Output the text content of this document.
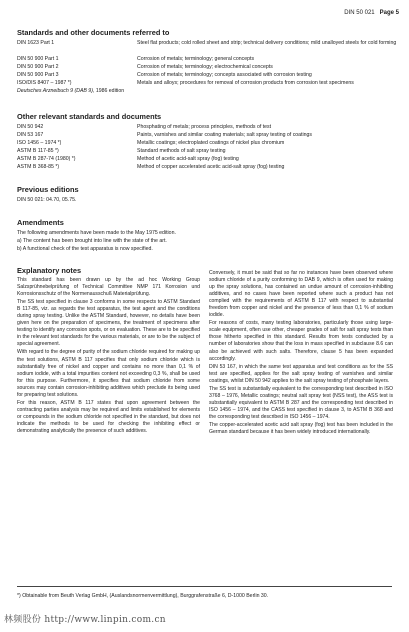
DIN 50 021 Page 5
Standards and other documents referred to
DIN 1623 Part 1	Steel flat products; cold rolled sheet and strip; technical delivery conditions; mild unalloyed steels for cold forming
DIN 50 900 Part 1	Corrosion of metals; terminology; general concepts
DIN 50 900 Part 2	Corrosion of metals; terminology; electrochemical concepts
DIN 50 900 Part 3	Corrosion of metals; terminology; concepts associated with corrosion testing
ISO/DIS 8407 – 1987 *)	Metals and alloys; procedures for removal of corrosion products from corrosion test specimens
Deutsches Arzneibuch 9 (DAB 9), 1986 edition
Other relevant standards and documents
DIN 50 942	Phosphating of metals; process principles, methods of test
DIN 53 167	Paints, varnishes and similar coating materials; salt spray testing of coatings
ISO 1456 – 1974 *)	Metallic coatings; electroplated coatings of nickel plus chromium
ASTM B 117-85 *)	Standard methods of salt spray testing
ASTM B 287-74 (1980) *)	Method of acetic acid-salt spray (fog) testing
ASTM B 368-85 *)	Method of copper accelerated acetic acid-salt spray (fog) testing
Previous editions
DIN 50 021: 04.70, 05.75.
Amendments
The following amendments have been made to the May 1975 edition.
a) The content has been brought into line with the state of the art.
b) A functional check of the test apparatus is now specified.
Explanatory notes

This standard has been drawn up by the ad hoc Working Group Salzsprühnebelprüfung of Technical Committee NMP 171 Korrosion und Korrosionsschutz of the Normenausschuß Materialprüfung.

The SS test specified in clause 3 conforms in some respects to ASTM Standard B 117-85, viz. as regards the test apparatus, the test agent and the conditions during spray testing. Unlike the ASTM Standard, however, no details have been given here on the preparation of specimens, the treatment of specimens after testing to identify any corrosion spots, or on evaluation. These are to be specified in the relevant test standards for the various materials, or are to be the subject of special agreement.

With regard to the degree of purity of the sodium chloride required for making up the test solutions, ASTM B 117 specifies that only sodium chloride which is substantially free of nickel and copper and contains no more than 0,1 % of sodium iodide, with a total impurities content not exceeding 0,3 %, shall be used for this purpose. Furthermore, it specifies that sodium chloride from some sources may contain corrosion-inhibiting additives which preclude its being used for preparing test solutions.

For this reason, ASTM B 117 states that upon agreement between the contracting parties analysis may be required and limits established for elements or compounds in the sodium chloride not specified in the standard, but does not indicate the methods to be used for checking the inhibiting effect or demonstrating analytically the presence of such additives.

Conversely, it must be said that so far no instances have been observed where sodium chloride of a purity conforming to DAB 9, which is often used for making up the spray solutions, has contained an undue amount of corrosion-inhibiting additives, and no cases have been reported where such a product has not complied with the requirements of ASTM B 117 with respect to substantial freedom from copper and nickel and the presence of less than 0,1 % of sodium iodide.

For reasons of costs, many testing laboratories, particularly those using large-scale equipment, often use other, cheaper grades of salt for salt spray tests than those hitherto specified in this standard. Results from tests conducted by a number of laboratories show that the loss in mass specified in subclause 8.6 can also be achieved with such salts. Therefore, clause 5 has been expanded accordingly.

DIN 53 167, in which the same test apparatus and test conditions as for the SS test are specified, applies for the salt spray testing of varnishes and similar coatings, whilst DIN 50 942 applies to the salt spray testing of phosphate layers.

The SS test is substantially equivalent to the corresponding test described in ISO 3768 – 1976, Metallic coatings; neutral salt spray test (NSS test), the ASS test is substantially equivalent to ASTM B 287 and the corresponding test described in ISO 1456 – 1974, and the CASS test specified in clause 3, to ASTM B 368 and the corresponding test described in ISO 1456 – 1974.

The copper-accelerated acetic acid salt spray (fog) test has been included in the German standard because it has been widely introduced internationally.

*) Obtainable from Beuth Verlag GmbH, (Auslandsnormenvermittlung), Burggrafenstraße 6, D-1000 Berlin 30.
林频股份 http://www.linpin.com.cn
